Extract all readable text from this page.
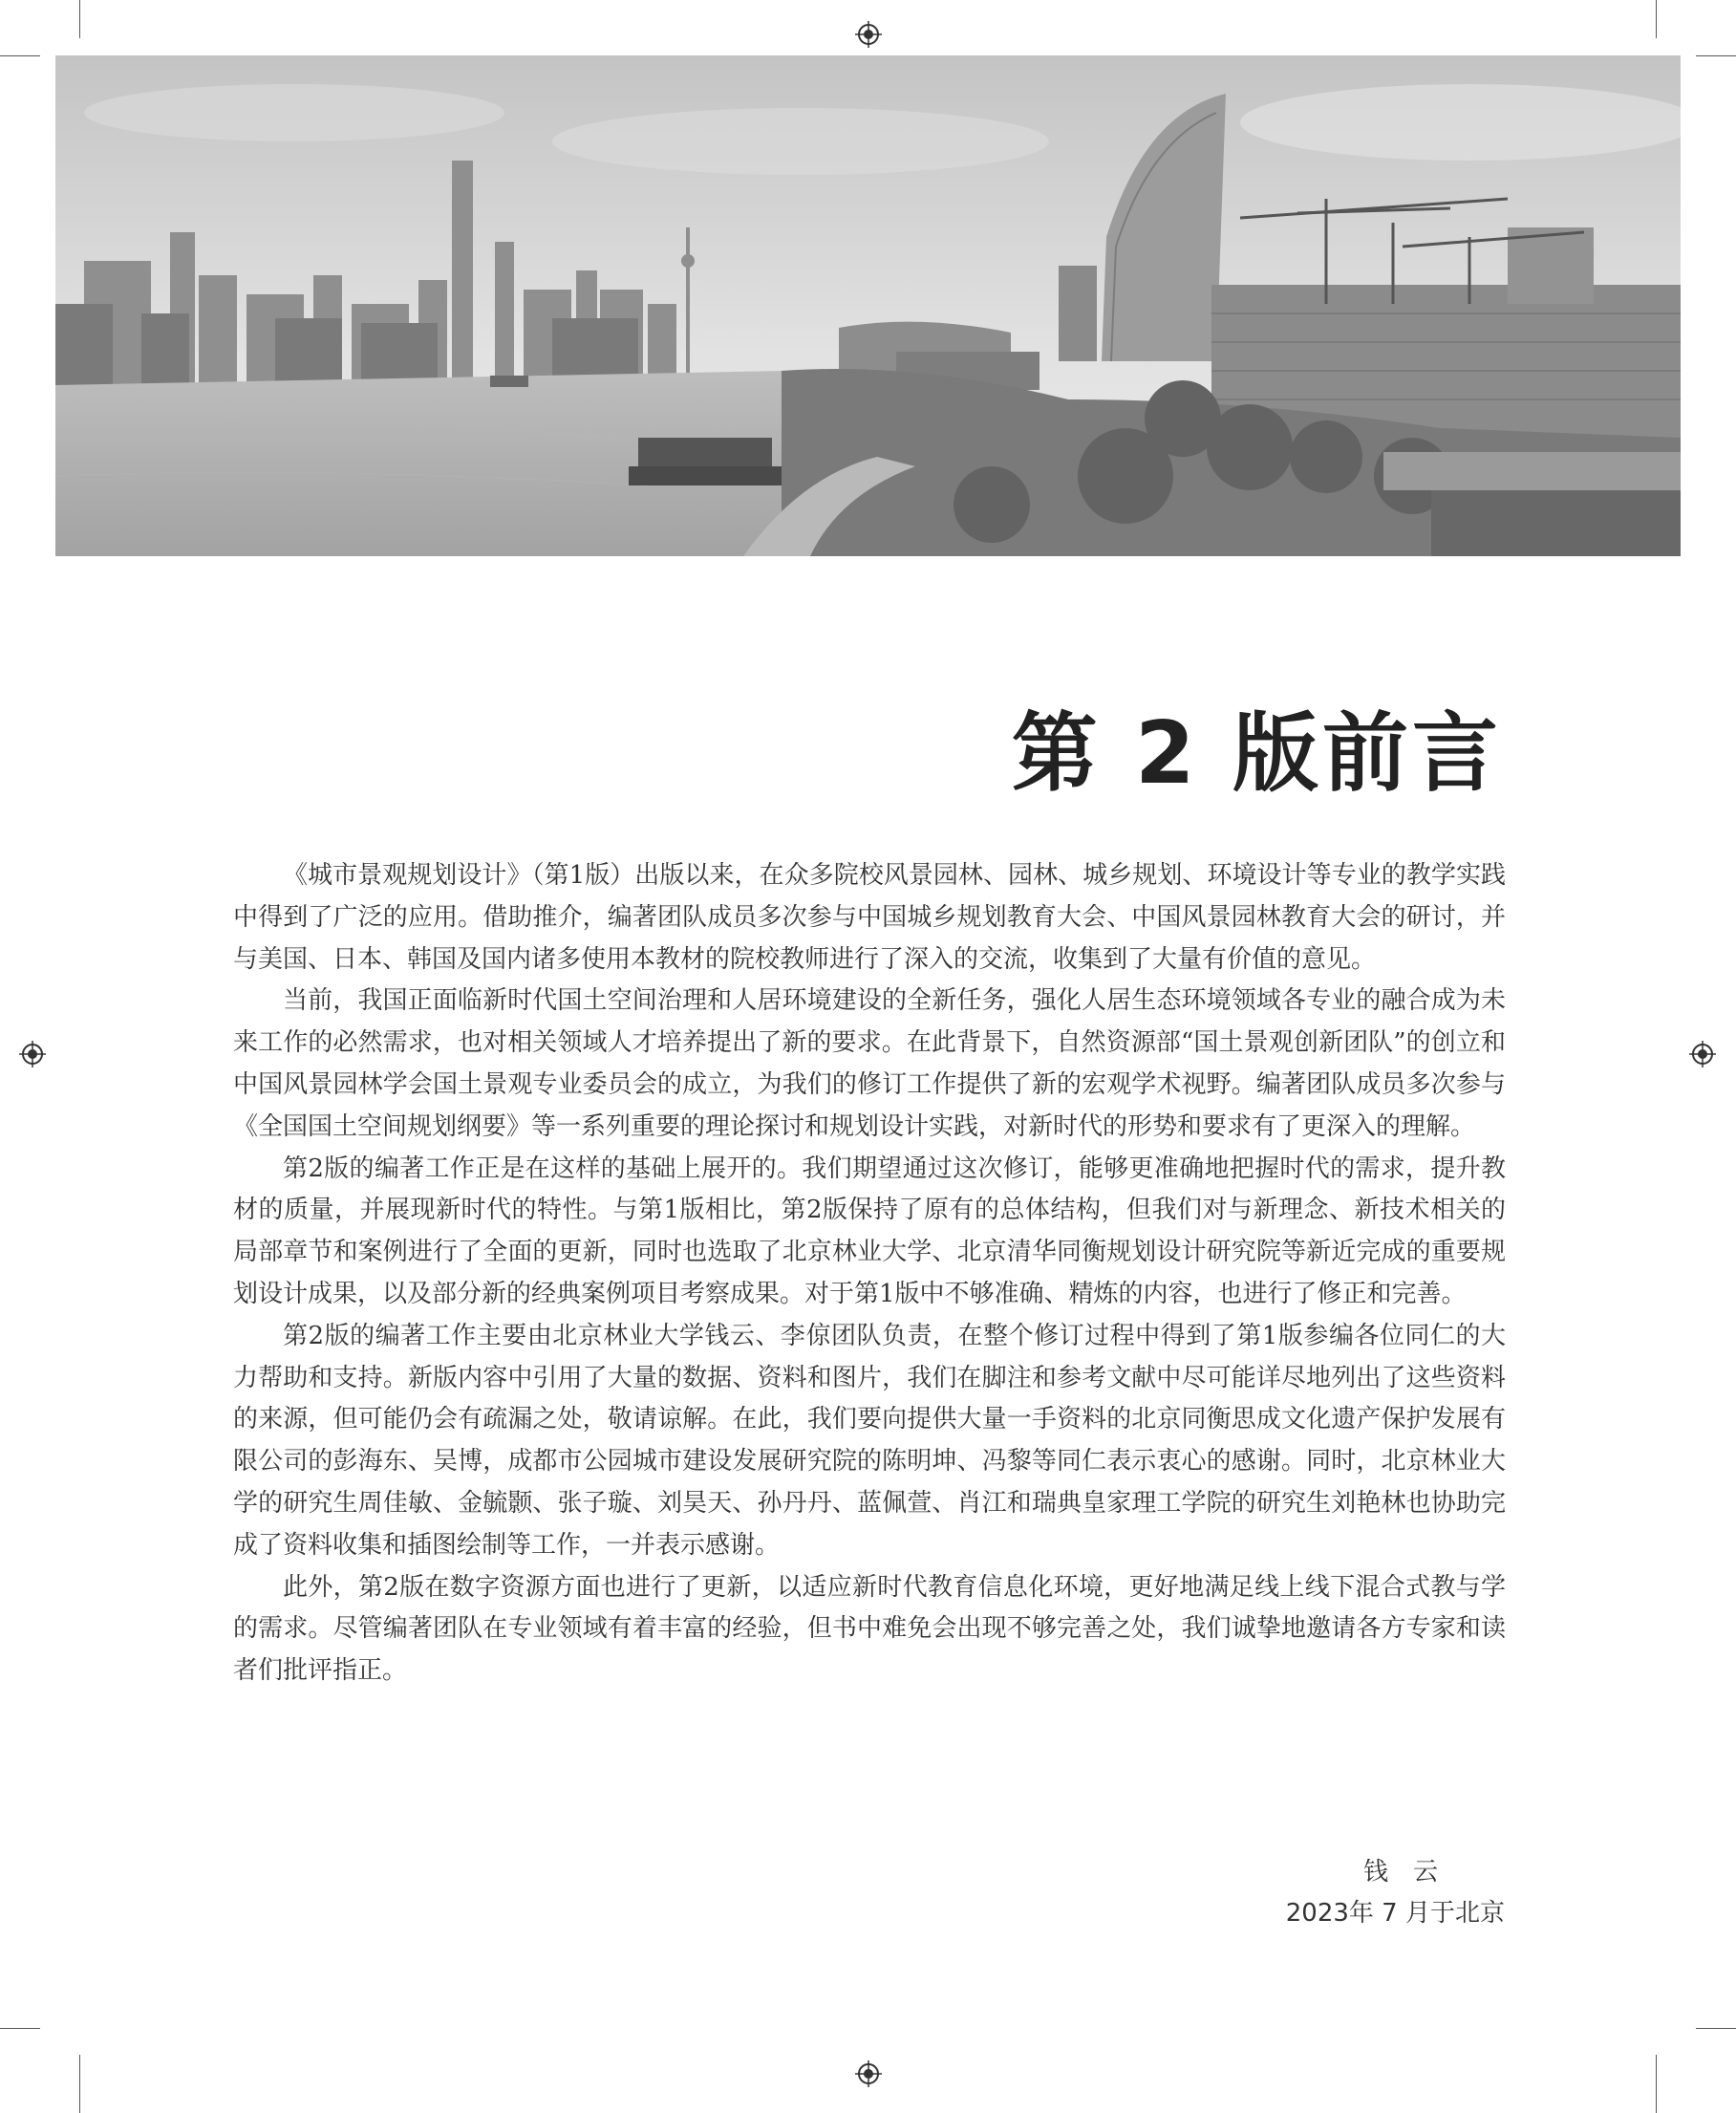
第 2 版前言

《城市景观规划设计》（第1版）出版以来，在众多院校风景园林、园林、城乡规划、环境设计等专业的教学实践中得到了广泛的应用。借助推介，编著团队成员多次参与中国城乡规划教育大会、中国风景园林教育大会的研讨，并与美国、日本、韩国及国内诸多使用本教材的院校教师进行了深入的交流，收集到了大量有价值的意见。

当前，我国正面临新时代国土空间治理和人居环境建设的全新任务，强化人居生态环境领域各专业的融合成为未来工作的必然需求，也对相关领域人才培养提出了新的要求。在此背景下，自然资源部“国土景观创新团队”的创立和中国风景园林学会国土景观专业委员会的成立，为我们的修订工作提供了新的宏观学术视野。编著团队成员多次参与《全国国土空间规划纲要》等一系列重要的理论探讨和规划设计实践，对新时代的形势和要求有了更深入的理解。

第2版的编著工作正是在这样的基础上展开的。我们期望通过这次修订，能够更准确地把握时代的需求，提升教材的质量，并展现新时代的特性。与第1版相比，第2版保持了原有的总体结构，但我们对与新理念、新技术相关的局部章节和案例进行了全面的更新，同时也选取了北京林业大学、北京清华同衡规划设计研究院等新近完成的重要规划设计成果，以及部分新的经典案例项目考察成果。对于第1版中不够准确、精炼的内容，也进行了修正和完善。

第2版的编著工作主要由北京林业大学钱云、李倞团队负责，在整个修订过程中得到了第1版参编各位同仁的大力帮助和支持。新版内容中引用了大量的数据、资料和图片，我们在脚注和参考文献中尽可能详尽地列出了这些资料的来源，但可能仍会有疏漏之处，敬请谅解。在此，我们要向提供大量一手资料的北京同衡思成文化遗产保护发展有限公司的彭海东、吴博，成都市公园城市建设发展研究院的陈明坤、冯黎等同仁表示衷心的感谢。同时，北京林业大学的研究生周佳敏、金毓颢、张子璇、刘昊天、孙丹丹、蓝佩萱、肖江和瑞典皇家理工学院的研究生刘艳林也协助完成了资料收集和插图绘制等工作，一并表示感谢。

此外，第2版在数字资源方面也进行了更新，以适应新时代教育信息化环境，更好地满足线上线下混合式教与学的需求。尽管编著团队在专业领域有着丰富的经验，但书中难免会出现不够完善之处，我们诚挚地邀请各方专家和读者们批评指正。

钱　云
2023年 7 月于北京
